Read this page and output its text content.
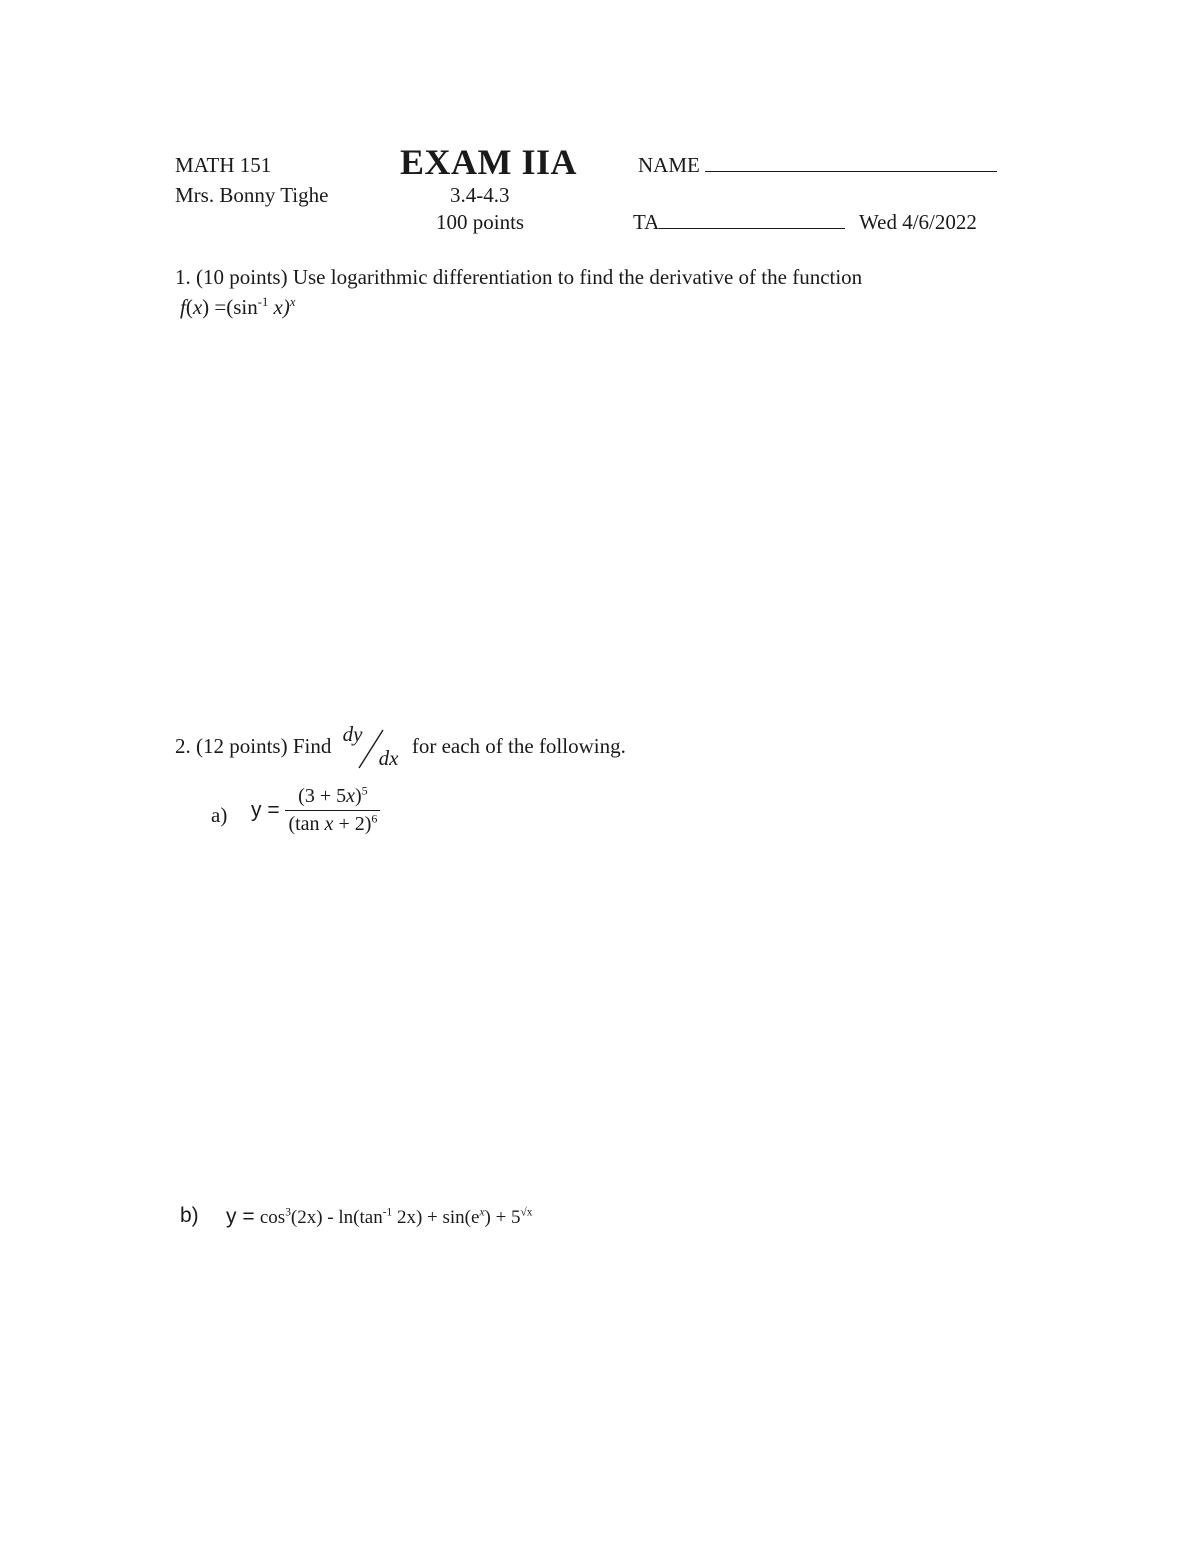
MATH 151	EXAM IIA	NAME
Mrs. Bonny Tighe	3.4-4.3
100 points	TA	Wed 4/6/2022
1. (10 points) Use logarithmic differentiation to find the derivative of the function
$f(x) =(\sin^{-1}$ x)$^x$
2. (12 points) Find dy
dx
for each of the following.
a) $y = \frac{(3 + 5x)^5}{(\tan x + 2)^6}$
b) $y = \cos^3(2x) - \ln(\tan^{-1}$ $2x) + \sin(e^x) + 5^{√x}$
